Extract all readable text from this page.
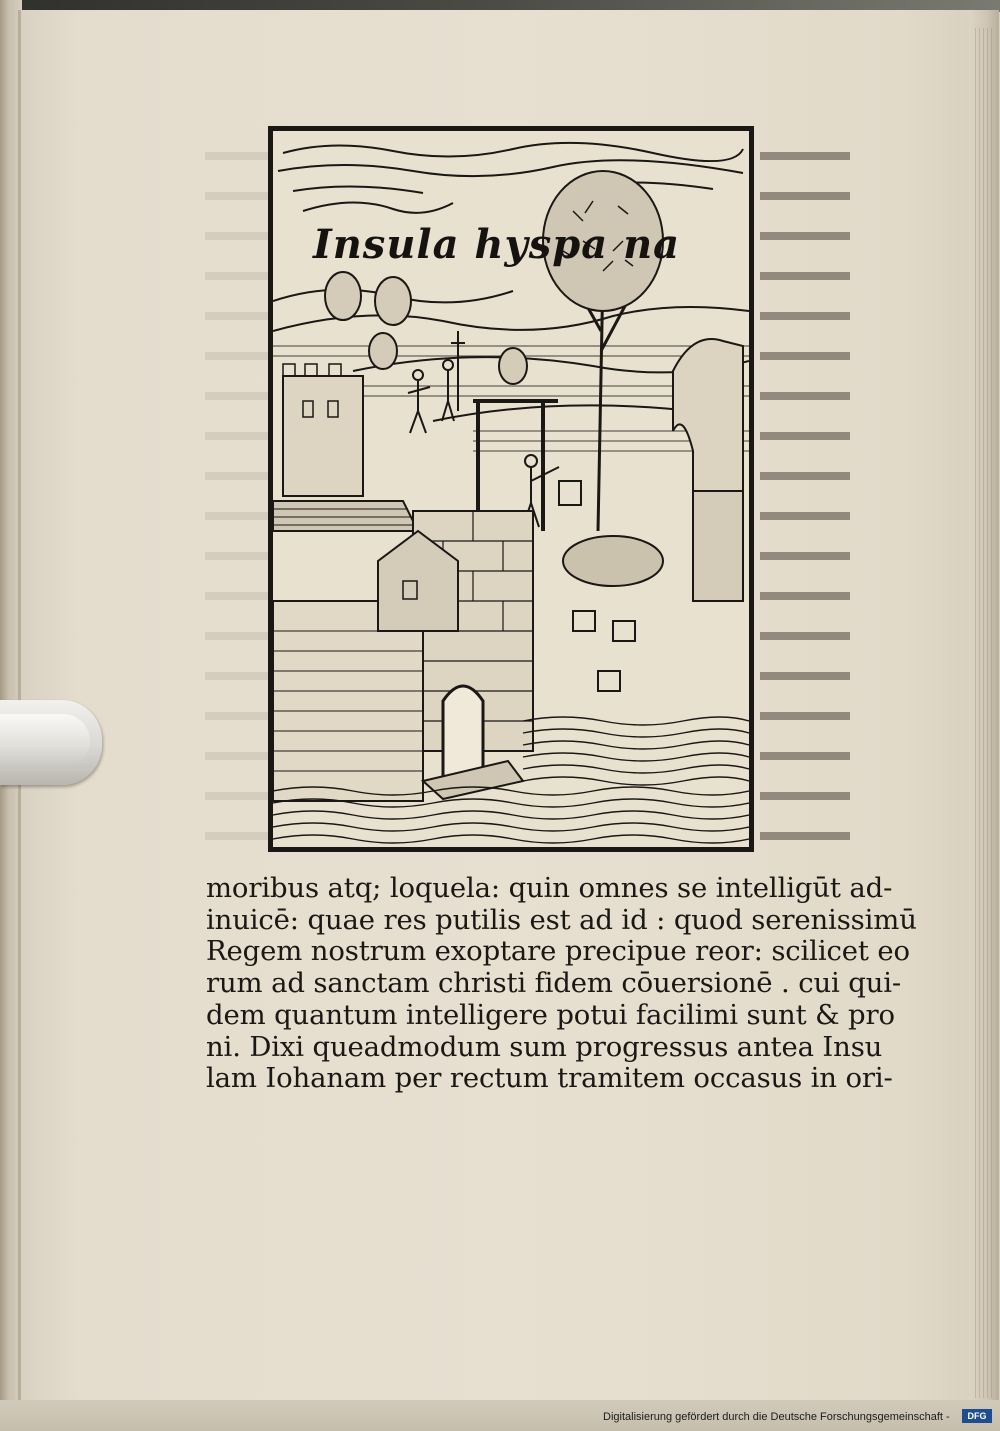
Insula hyspa na
moribus atq; loquela: quin omnes se intelligūt ad-
inuicē: quae res putilis est ad id : quod serenissimū
Regem nostrum exoptare precipue reor: scilicet eo
rum ad sanctam christi fidem cōuersionē . cui qui-
dem quantum intelligere potui facilimi sunt & pro
ni. Dixi queadmodum sum progressus antea Insu
lam Iohanam per rectum tramitem occasus in ori-
Digitalisierung gefördert durch die Deutsche Forschungsgemeinschaft -	DFG
